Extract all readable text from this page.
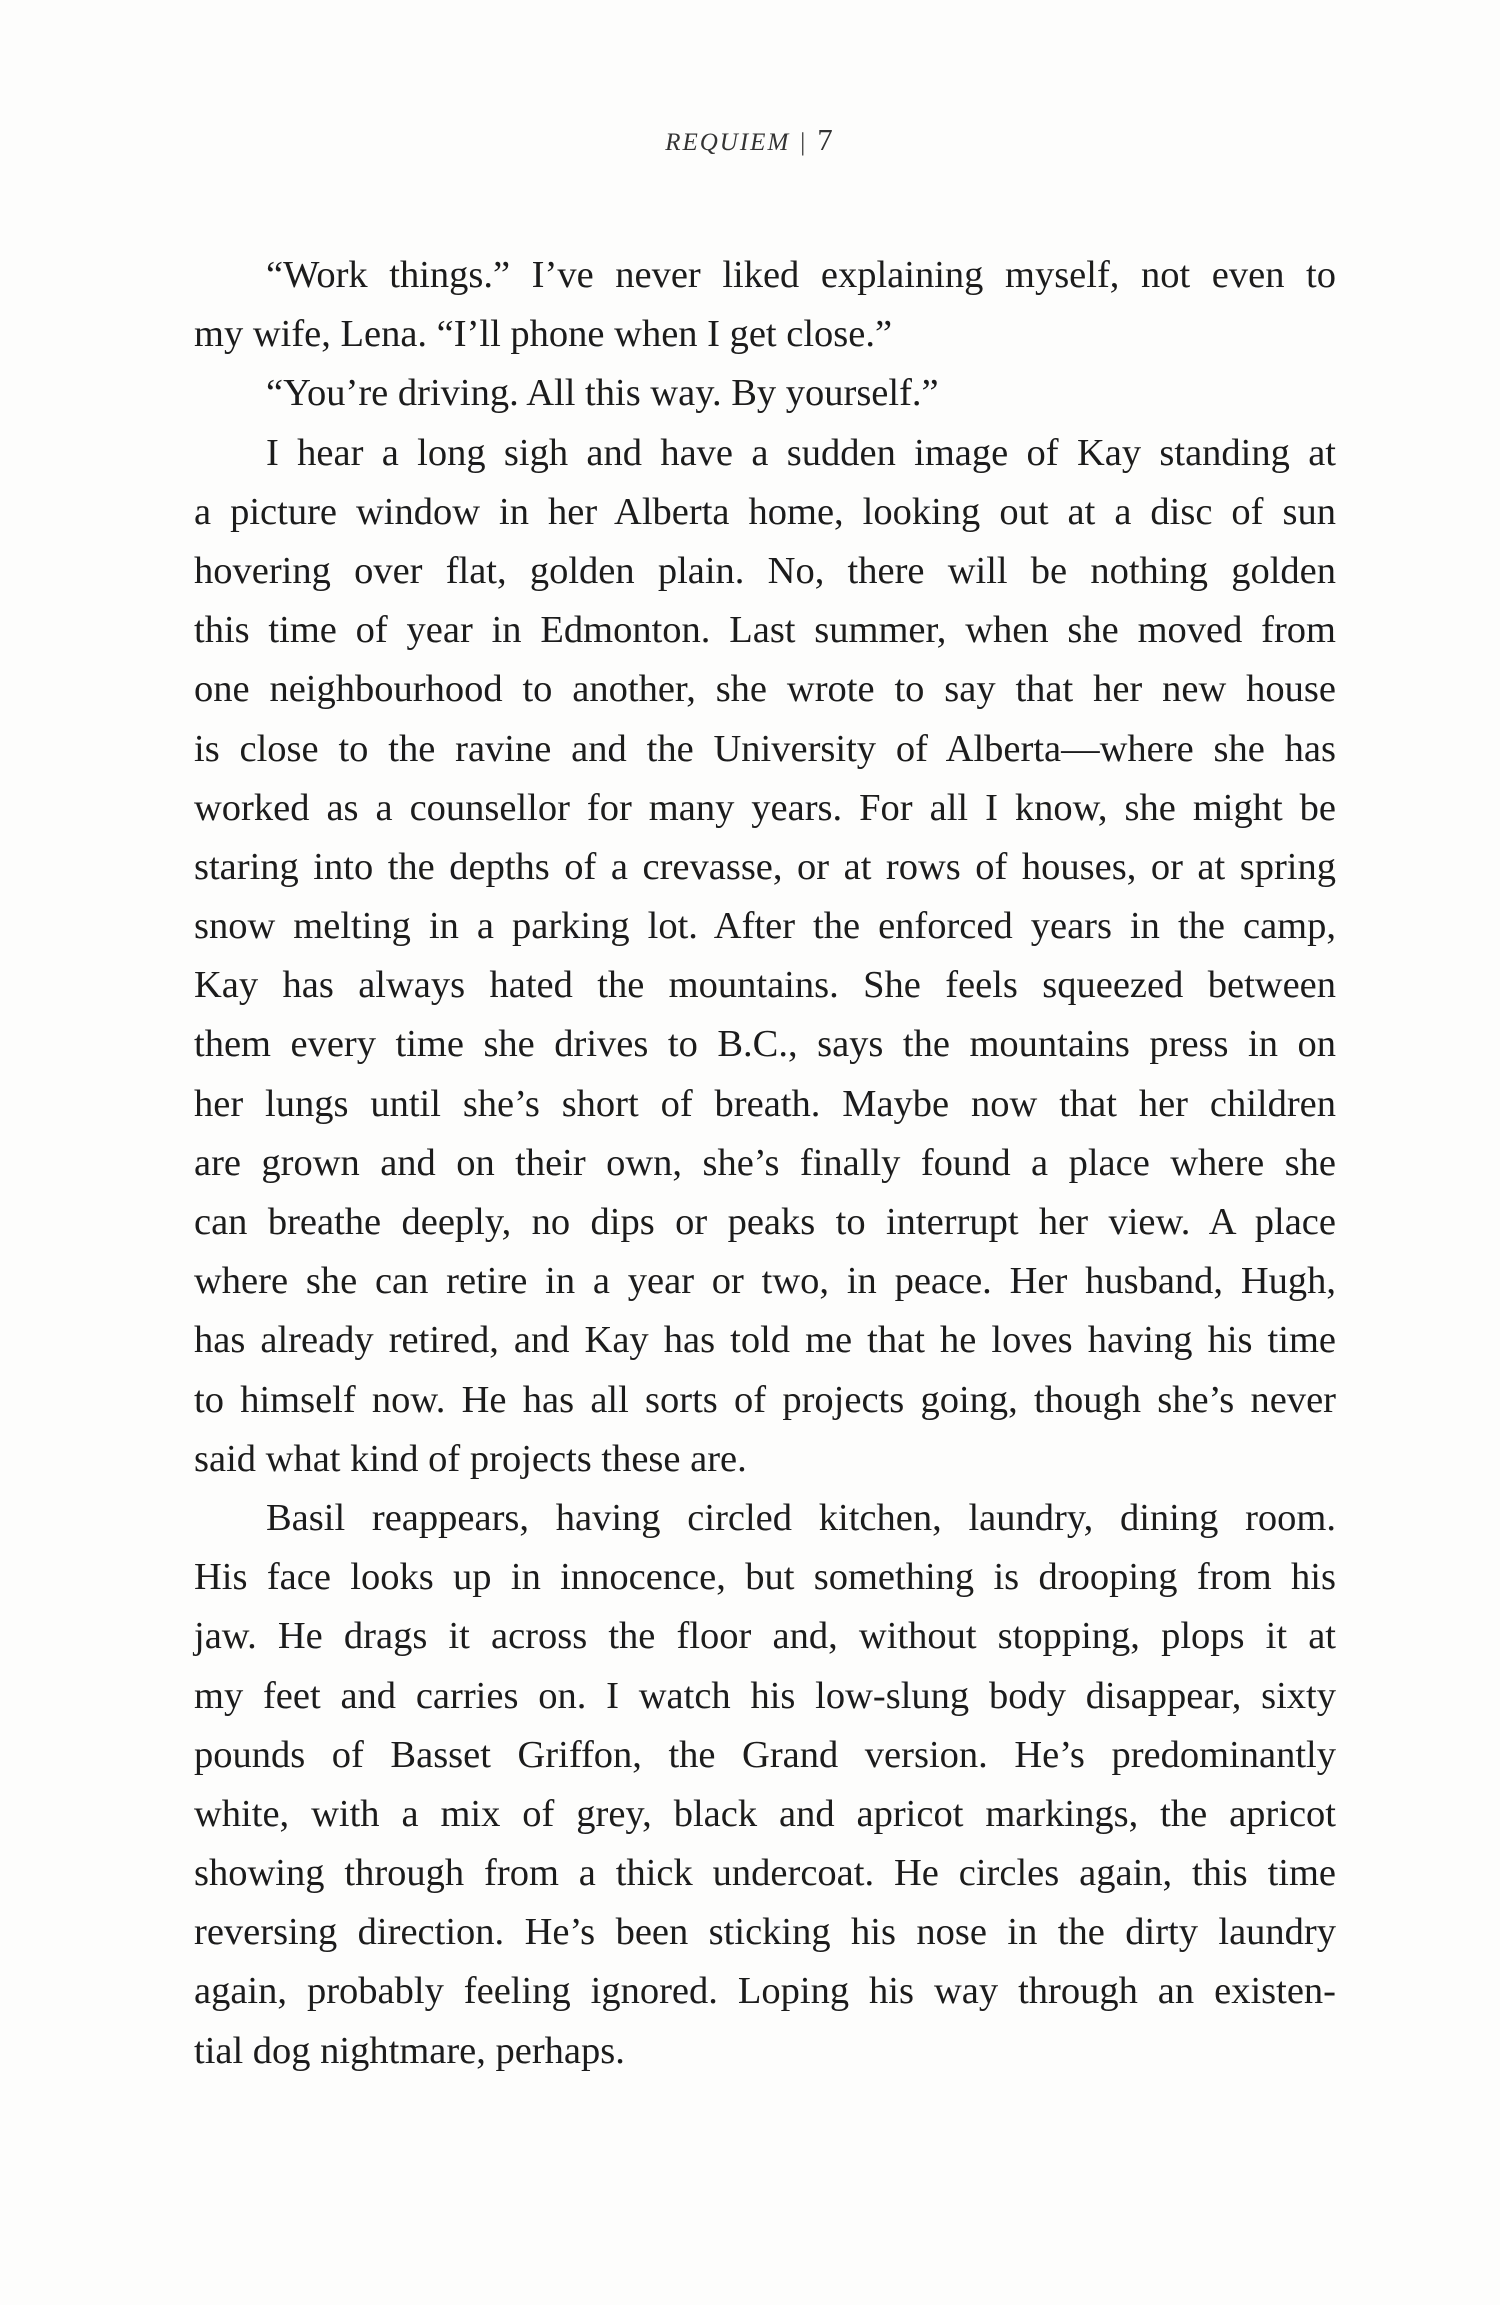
REQUIEM | 7
“Work things.” I’ve never liked explaining myself, not even to
my wife, Lena. “I’ll phone when I get close.”
“You’re driving. All this way. By yourself.”
I hear a long sigh and have a sudden image of Kay standing at
a picture window in her Alberta home, looking out at a disc of sun
hovering over flat, golden plain. No, there will be nothing golden
this time of year in Edmonton. Last summer, when she moved from
one neighbourhood to another, she wrote to say that her new house
is close to the ravine and the University of Alberta—where she has
worked as a counsellor for many years. For all I know, she might be
staring into the depths of a crevasse, or at rows of houses, or at spring
snow melting in a parking lot. After the enforced years in the camp,
Kay has always hated the mountains. She feels squeezed between
them every time she drives to B.C., says the mountains press in on
her lungs until she’s short of breath. Maybe now that her children
are grown and on their own, she’s finally found a place where she
can breathe deeply, no dips or peaks to interrupt her view. A place
where she can retire in a year or two, in peace. Her husband, Hugh,
has already retired, and Kay has told me that he loves having his time
to himself now. He has all sorts of projects going, though she’s never
said what kind of projects these are.
Basil reappears, having circled kitchen, laundry, dining room.
His face looks up in innocence, but something is drooping from his
jaw. He drags it across the floor and, without stopping, plops it at
my feet and carries on. I watch his low-slung body disappear, sixty
pounds of Basset Griffon, the Grand version. He’s predominantly
white, with a mix of grey, black and apricot markings, the apricot
showing through from a thick undercoat. He circles again, this time
reversing direction. He’s been sticking his nose in the dirty laundry
again, probably feeling ignored. Loping his way through an existen-
tial dog nightmare, perhaps.
